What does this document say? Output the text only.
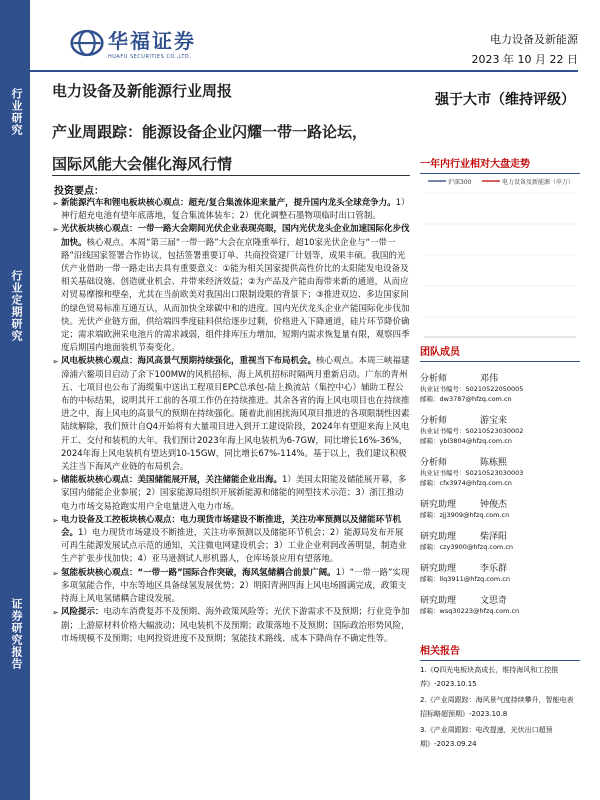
行业研究
行业定期研究
证券研究报告
华福证券
HUAFU SECURITIES CO.,LTD.
电力设备及新能源
2023 年 10 月 22 日
电力设备及新能源行业周报	强于大市（维持评级）
产业周跟踪：能源设备企业闪耀一带一路论坛，
国际风能大会催化海风行情
投资要点：
➢ 新能源汽车和锂电板块核心观点：超充/复合集流体迎来量产，提升国内龙头全球竞争力。1）神行超充电池有望年底落地，复合集流体装车；2）优化调整石墨物项临时出口管制。
➢ 光伏板块核心观点：一带一路大会期间光伏企业表现亮眼，国内光伏龙头企业加速国际化步伐加快。核心观点。本周“第三届“一带一路”大会在京隆重举行，超10家光伏企业与“一带一路”沿线国家签署合作协议，包括签署重要订单、共商投资建厂计划等，成果丰硕。我国的光伏产业借助一带一路走出去具有重要意义：①能为相关国家提供高性价比的太阳能发电设备及相关基础设施、创造就业机会、并带来经济效益；②为产品及产能由海带来新的通道，从而应对贸易摩擦和壁垒，尤其在当前欧美对我国出口限制设限的背景下；③推进双边、多边国家间的绿色贸易标准互通互认，从而加快全球碳中和的进度。国内光伏龙头企业产能国际化步伐加快。光伏产业链方面，供给端四季度硅料供给逐步过剩，价格进入下降通道，硅片环节降价确定；需求端欧洲采电池片的需求减弱，组件排库压力增加，短期内需求恢复量有限，观察四季度后期国内地面装机节奏变化。
➢ 风电板块核心观点：海风高景气预期持续强化，重视当下布局机会。核心观点。本周三峡福建漳浦六鳌项目启动了余下100MW的风机招标，海上风机招标时隔两月重新启动。广东的青州五、七项目也公布了海缆集中送出工程项目EPC总承包-陆上换流站（集控中心）辅助工程公布的中标结果，说明其开工前的各项工作仍在持续推进。其余各省的海上风电项目也在持续推进之中，海上风电的高景气的预期在持续强化。随着此前困扰海风项目推进的各项限制性因素陆续解除，我们预计自Q4开始将有大量项目进入到开工建设阶段，2024年有望迎来海上风电开工、交付和装机的大年。我们预计2023年海上风电装机为6-7GW，同比增长16%-36%，2024年海上风电装机有望达到10-15GW，同比增长67%-114%。基于以上，我们建议积极关注当下海风产业链的布局机会。
➢ 储能板块核心观点：美国储能展开展，关注储能企业出海。1）美国太阳能及储能展开幕，多家国内储能企业参展；2）国家能源局组织开展新能源和储能的网型技术示范；3）浙江推动电力市场交易抢跑实用户全电量进入电力市场。
➢ 电力设备及工控板块核心观点：电力现货市场建设不断推进，关注功率预测以及储能环节机会。1）电力现货市场建设不断推进，关注功率预测以及储能环节机会；2）能源局发布开展可再生能源发展试点示范的通知，关注微电网建设机会；3）工业企业利润改善明显，制造业生产扩张步伐加快；4）亚马逊测试人形机器人，仓库场景应用有望落地。
➢ 氢能板块核心观点：“一带一路”国际合作突破，海风氢储耦合前景广阔。1）“一带一路”实现多项氢能合作，中东等地区具备绿氢发展优势；2）明阳青洲四海上风电场圆满完成，政策支持海上风电氢储耦合建设发展。
➢ 风险提示：电动车消费复苏不及预期、海外政策风险等；光伏下游需求不及预期；行业竞争加剧；上游原材料价格大幅波动；风电装机不及预期；政策落地不及预期；国际政治形势风险，市场规模不及预期；电网投资进度不及预期；氢能技术路线、成本下降尚存不确定性等。
一年内行业相对大盘走势
沪深300	电力设备及新能源（申万）
团队成员
分析师	邓伟
执业证书编号：S0210522050005
邮箱：dw3787@hfzq.com.cn
分析师	游宝来
执业证书编号：S0210523030002
邮箱：ybl3804@hfzq.com.cn
分析师	陈栋熙
执业证书编号：S0210523030003
邮箱：cfx3974@hfzq.com.cn
研究助理	钟俊杰
邮箱：zjj3909@hfzq.com.cn
研究助理	柴泽阳
邮箱：czy3900@hfzq.com.cn
研究助理	李乐群
邮箱：llq3911@hfzq.com.cn
研究助理	文思奇
邮箱：wsq30223@hfzq.com.cn
相关报告
1.《Q四光电板块高成长，维持海风和工控推荐》-2023.10.15
2.《产业周跟踪：海风景气度持续攀升，智能电表招标略超预期》-2023.10.8
3.《产业周跟踪：电改提速，光伏出口超预期》-2023.09.24
